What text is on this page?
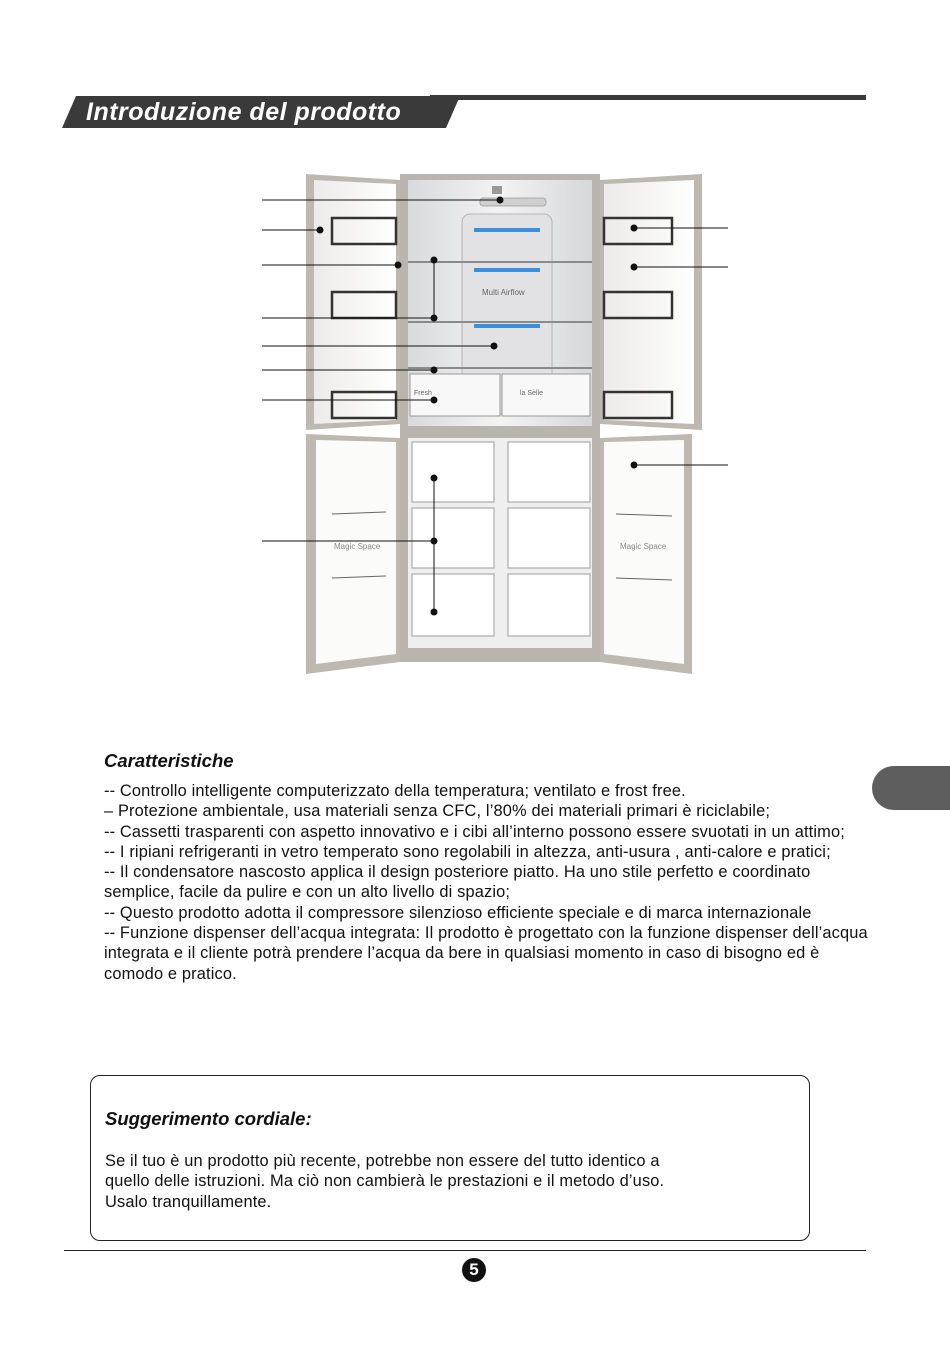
Introduzione del prodotto
Multi Airflow
Fresh	la Sèlle
Magic Space	Magic Space
Caratteristiche

-- Controllo intelligente computerizzato della temperatura; ventilato e frost free.

– Protezione ambientale, usa materiali senza CFC, l’80% dei materiali primari è riciclabile;

-- Cassetti trasparenti con aspetto innovativo e i cibi all’interno possono essere svuotati in un attimo;

-- I ripiani refrigeranti in vetro temperato sono regolabili in altezza, anti-usura , anti-calore e pratici;

-- Il condensatore nascosto applica il design posteriore piatto. Ha uno stile perfetto e coordinato semplice, facile da pulire e con un alto livello di spazio;

-- Questo prodotto adotta il compressore silenzioso efficiente speciale e di marca internazionale

-- Funzione dispenser dell’acqua integrata: Il prodotto è progettato con la funzione dispenser dell’acqua integrata e il cliente potrà prendere l’acqua da bere in qualsiasi momento in caso di bisogno ed è comodo e pratico.

Suggerimento cordiale:
Se il tuo è un prodotto più recente, potrebbe non essere del tutto identico a quello delle istruzioni. Ma ciò non cambierà le prestazioni e il metodo d’uso. Usalo tranquillamente.
5
